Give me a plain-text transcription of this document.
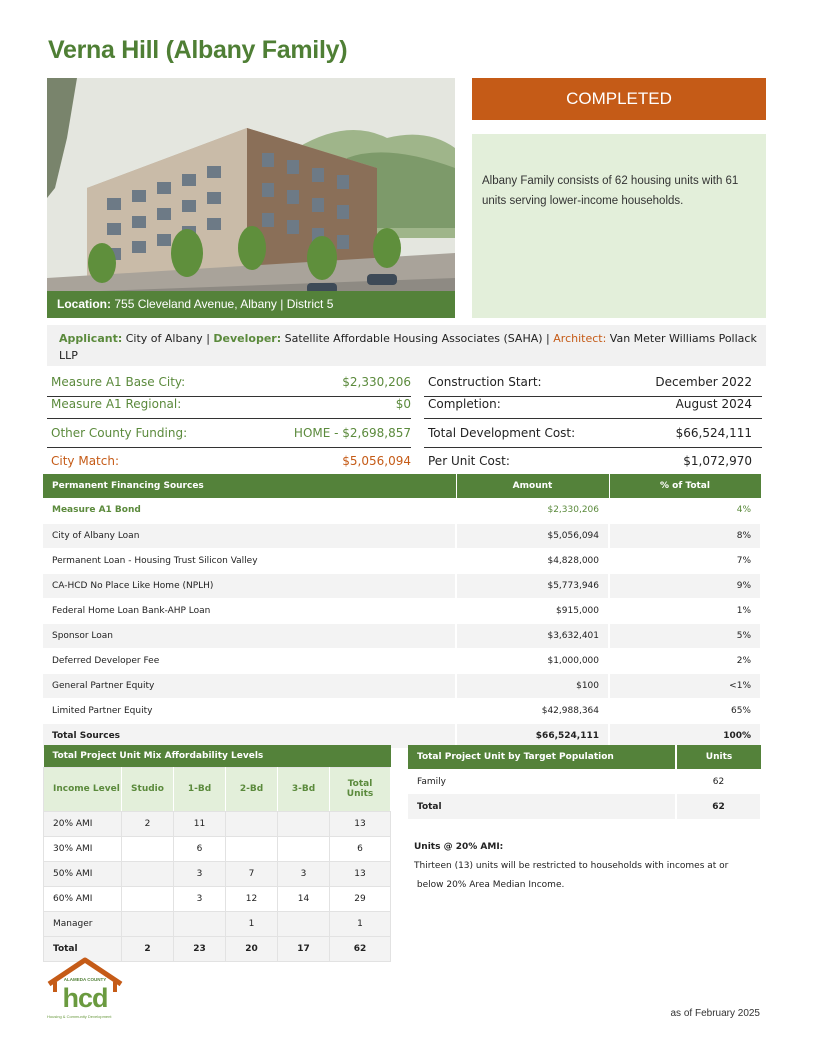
Verna Hill (Albany Family)
Location: 755 Cleveland Avenue, Albany | District 5
COMPLETED
Albany Family consists of 62 housing units with 61 units serving lower-income households.
Applicant: City of Albany | Developer: Satellite Affordable Housing Associates (SAHA) | Architect: Van Meter Williams Pollack LLP
Measure A1 Base City:	$2,330,206
Measure A1 Regional:	$0
Other County Funding:	HOME - $2,698,857
City Match:	$5,056,094
Construction Start:	December 2022
Completion:	August 2024
Total Development Cost:	$66,524,111
Per Unit Cost:	$1,072,970
Permanent Financing Sources	Amount	% of Total
Measure A1 Bond	$2,330,206	4%
City of Albany Loan	$5,056,094	8%
Permanent Loan - Housing Trust Silicon Valley	$4,828,000	7%
CA-HCD No Place Like Home (NPLH)	$5,773,946	9%
Federal Home Loan Bank-AHP Loan	$915,000	1%
Sponsor Loan	$3,632,401	5%
Deferred Developer Fee	$1,000,000	2%
General Partner Equity	$100	<1%
Limited Partner Equity	$42,988,364	65%
Total Sources	$66,524,111	100%
Total Project Unit Mix Affordability Levels					
Income Level	Studio	1-Bd	2-Bd	3-Bd	Total Units
20% AMI	2	11			13
30% AMI		6			6
50% AMI		3	7	3	13
60% AMI		3	12	14	29
Manager			1		1
Total	2	23	20	17	62
Total Project Unit by Target Population	Units
Family	62
Total	62
Units @ 20% AMI:
Thirteen (13) units will be restricted to households with incomes at or
below 20% Area Median Income.
ALAMEDA COUNTY
hcd
Housing & Community Development	as of February 2025
